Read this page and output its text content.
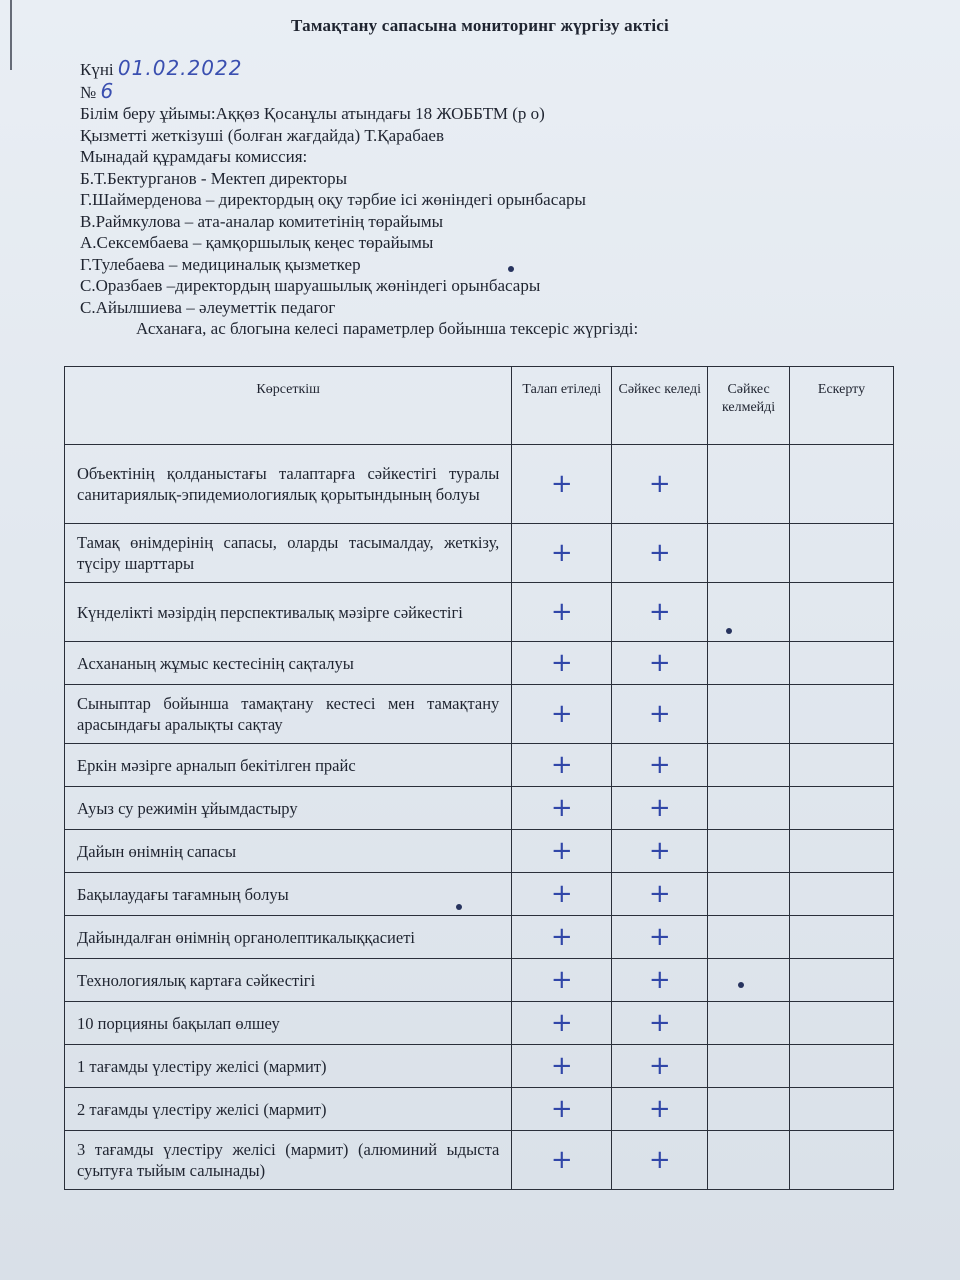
Тамақтану сапасына мониторинг жүргізу актісі
Күні 01.02.2022
№ 6
Білім беру ұйымы:Аққөз Қосанұлы атындағы 18 ЖОББТМ (р о)
Қызметті жеткізуші (болған жағдайда) Т.Қарабаев
Мынадай құрамдағы комиссия:
Б.Т.Бектурганов - Мектеп директоры
Г.Шаймерденова – директордың оқу тәрбие ісі жөніндегі орынбасары
В.Раймкулова – ата-аналар комитетінің төрайымы
А.Сексембаева – қамқоршылық кеңес төрайымы
Г.Тулебаева – медициналық қызметкер
С.Оразбаев –директордың шаруашылық жөніндегі орынбасары
С.Айылшиева – әлеуметтік педагог
Асханаға, ас блогына келесі параметрлер бойынша тексеріс жүргізді:
Көрсеткіш	Талап етіледі	Сәйкес келеді	Сәйкес келмейді	Ескерту
Объектінің қолданыстағы талаптарға сәйкестігі туралы санитариялық-эпидемиологиялық қорытындының болуы	+	+		
Тамақ өнімдерінің сапасы, оларды тасымалдау, жеткізу, түсіру шарттары	+	+		
Күнделікті мәзірдің перспективалық мәзірге сәйкестігі	+	+		
Асхананың жұмыс кестесінің сақталуы	+	+		
Сыныптар бойынша тамақтану кестесі мен тамақтану арасындағы аралықты сақтау	+	+		
Еркін мәзірге арналып бекітілген прайс	+	+		
Ауыз су режимін ұйымдастыру	+	+		
Дайын өнімнің сапасы	+	+		
Бақылаудағы тағамның болуы	+	+		
Дайындалған өнімнің органолептикалыққасиеті	+	+		
Технологиялық картаға сәйкестігі	+	+		
10 порцияны бақылап өлшеу	+	+		
1 тағамды үлестіру желісі (мармит)	+	+		
2 тағамды үлестіру желісі (мармит)	+	+		
3 тағамды үлестіру желісі (мармит) (алюминий ыдыста суытуға тыйым салынады)	+	+		
